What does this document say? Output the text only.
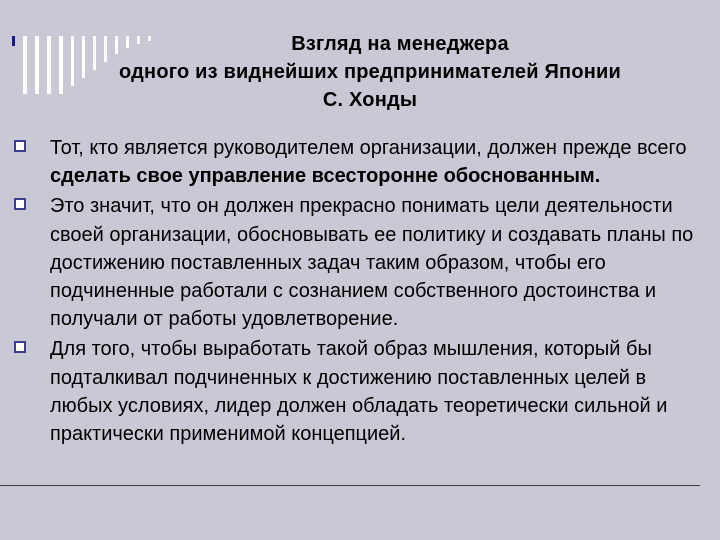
Взгляд на менеджера
одного из виднейших предпринимателей Японии
С. Хонды
Тот, кто является руководителем организации, должен прежде всего сделать свое управление всесторонне обоснованным.
Это значит, что он должен прекрасно понимать цели деятельности своей организации, обосновывать ее политику и создавать планы по достижению поставленных задач таким образом, чтобы его подчиненные работали с сознанием собственного достоинства и получали от работы удовлетворение.
Для того, чтобы выработать такой образ мышления, который бы подталкивал подчиненных к достижению поставленных целей в любых условиях, лидер должен обладать теоретически сильной и практически применимой концепцией.
